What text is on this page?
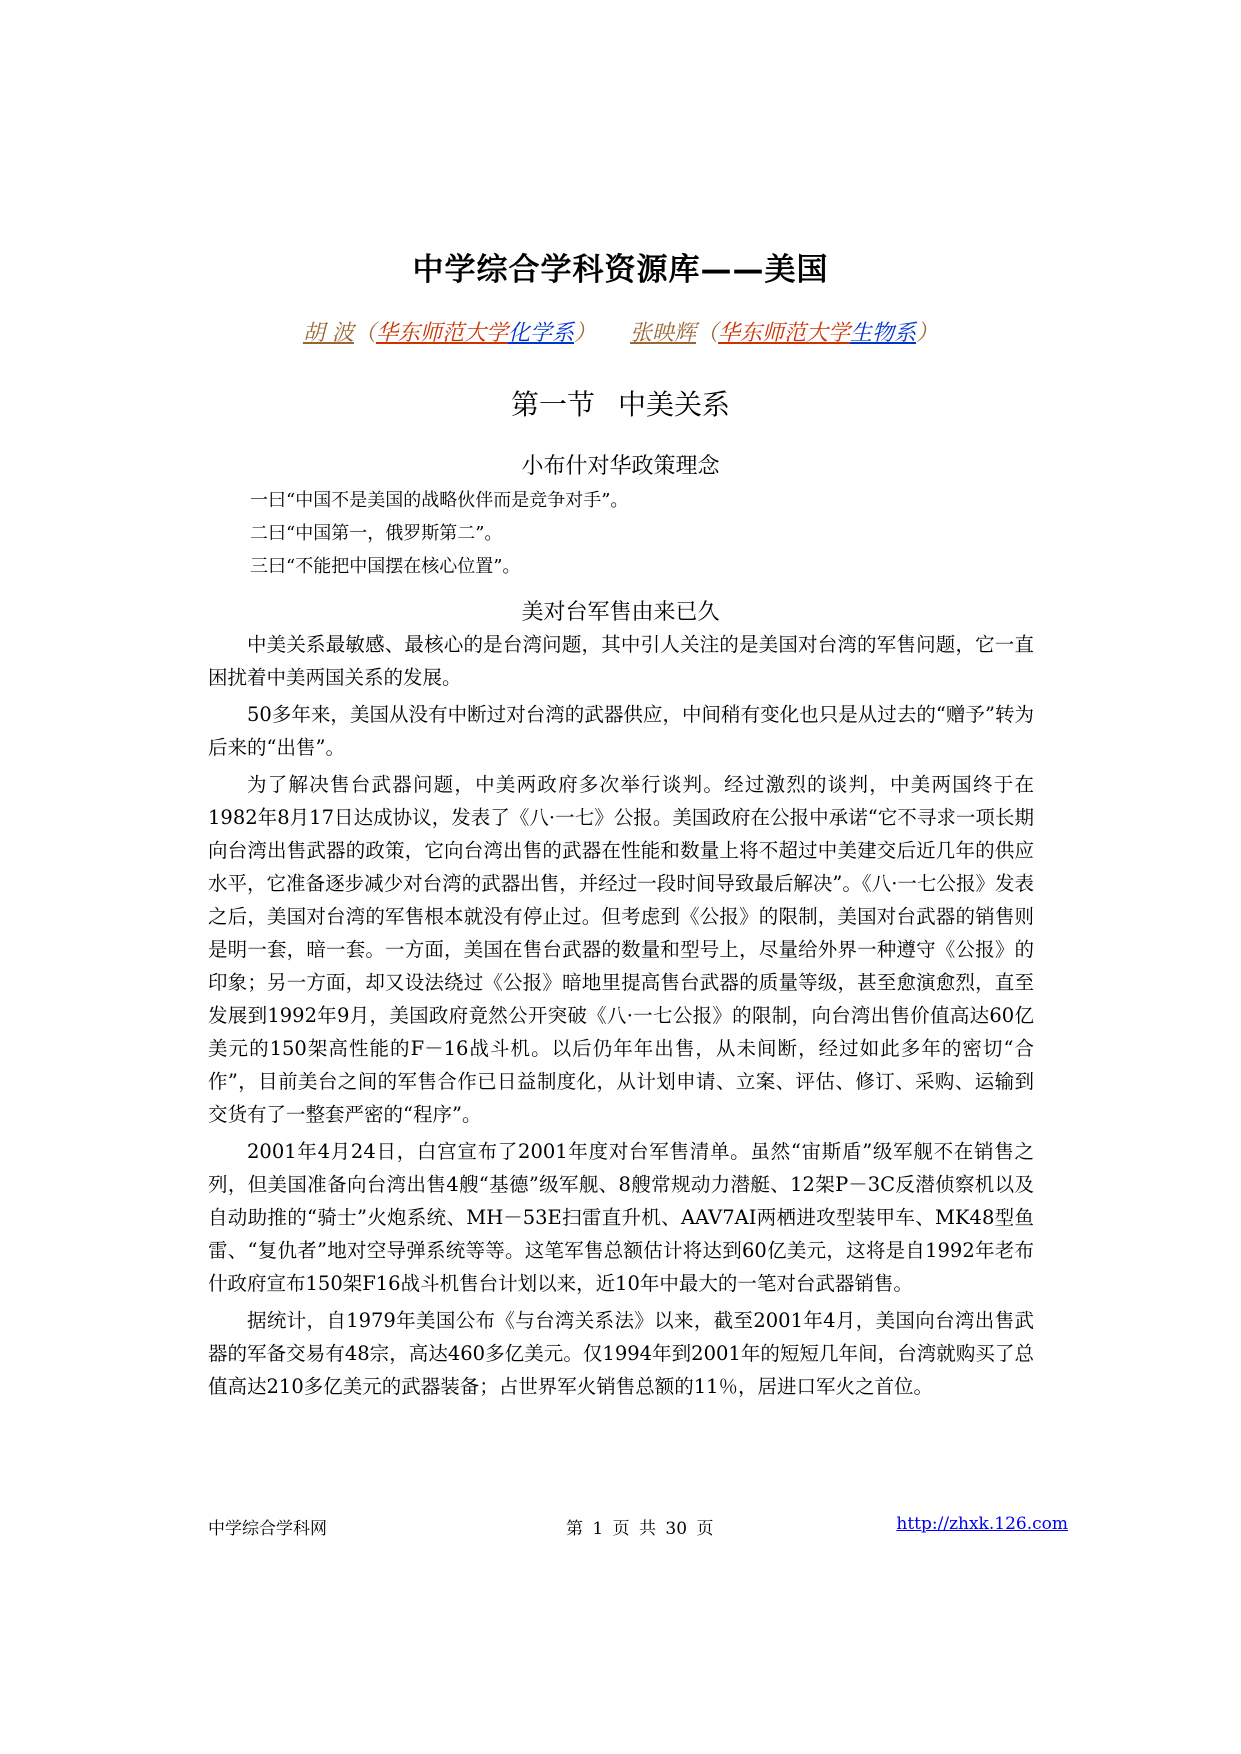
中学综合学科资源库——美国
胡 波（华东师范大学化学系） 张映辉（华东师范大学生物系）
第一节 中美关系
小布什对华政策理念
一曰“中国不是美国的战略伙伴而是竞争对手”。
二曰“中国第一，俄罗斯第二”。
三曰“不能把中国摆在核心位置”。
美对台军售由来已久

中美关系最敏感、最核心的是台湾问题，其中引人关注的是美国对台湾的军售问题，它一直困扰着中美两国关系的发展。

50多年来，美国从没有中断过对台湾的武器供应，中间稍有变化也只是从过去的“赠予”转为后来的“出售”。

为了解决售台武器问题，中美两政府多次举行谈判。经过激烈的谈判，中美两国终于在1982年8月17日达成协议，发表了《八·一七》公报。美国政府在公报中承诺“它不寻求一项长期向台湾出售武器的政策，它向台湾出售的武器在性能和数量上将不超过中美建交后近几年的供应水平，它准备逐步减少对台湾的武器出售，并经过一段时间导致最后解决”。《八·一七公报》发表之后，美国对台湾的军售根本就没有停止过。但考虑到《公报》的限制，美国对台武器的销售则是明一套，暗一套。一方面，美国在售台武器的数量和型号上，尽量给外界一种遵守《公报》的印象；另一方面，却又设法绕过《公报》暗地里提高售台武器的质量等级，甚至愈演愈烈，直至发展到1992年9月，美国政府竟然公开突破《八·一七公报》的限制，向台湾出售价值高达60亿美元的150架高性能的F－16战斗机。以后仍年年出售，从未间断，经过如此多年的密切“合作”，目前美台之间的军售合作已日益制度化，从计划申请、立案、评估、修订、采购、运输到交货有了一整套严密的“程序”。

2001年4月24日，白宫宣布了2001年度对台军售清单。虽然“宙斯盾”级军舰不在销售之列，但美国准备向台湾出售4艘“基德”级军舰、8艘常规动力潜艇、12架P－3C反潜侦察机以及自动助推的“骑士”火炮系统、MH－53E扫雷直升机、AAV7AI两栖进攻型装甲车、MK48型鱼雷、“复仇者”地对空导弹系统等等。这笔军售总额估计将达到60亿美元，这将是自1992年老布什政府宣布150架F16战斗机售台计划以来，近10年中最大的一笔对台武器销售。

据统计，自1979年美国公布《与台湾关系法》以来，截至2001年4月，美国向台湾出售武器的军备交易有48宗，高达460多亿美元。仅1994年到2001年的短短几年间，台湾就购买了总值高达210多亿美元的武器装备；占世界军火销售总额的11％，居进口军火之首位。

中学综合学科网	第 1 页 共 30 页	http://zhxk.126.com
